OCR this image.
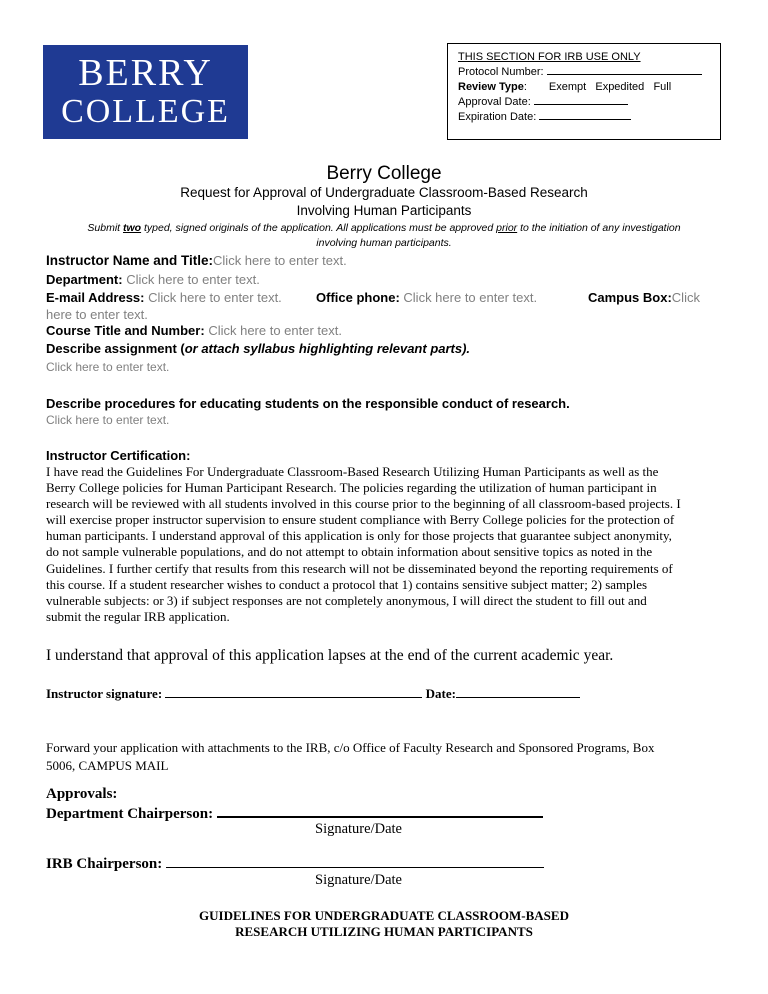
BERRY
COLLEGE
THIS SECTION FOR IRB USE ONLY
Protocol Number:
Review Type: Exempt   Expedited   Full
Approval Date:
Expiration Date:
Berry College
Request for Approval of Undergraduate Classroom-Based Research
Involving Human Participants
Submit two typed, signed originals of the application. All applications must be approved prior to the initiation of any investigation
involving human participants.
Instructor Name and Title:Click here to enter text.
Department: Click here to enter text.
E-mail Address: Click here to enter text.	Office phone: Click here to enter text.	Campus Box:Click
here to enter text.
Course Title and Number: Click here to enter text.
Describe assignment (or attach syllabus highlighting relevant parts).
Click here to enter text.
Describe procedures for educating students on the responsible conduct of research.
Click here to enter text.
Instructor Certification:
I have read the Guidelines For Undergraduate Classroom-Based Research Utilizing Human Participants as well as the
Berry College policies for Human Participant Research. The policies regarding the utilization of human participant in
research will be reviewed with all students involved in this course prior to the beginning of all classroom-based projects. I
will exercise proper instructor supervision to ensure student compliance with Berry College policies for the protection of
human participants. I understand approval of this application is only for those projects that guarantee subject anonymity,
do not sample vulnerable populations, and do not attempt to obtain information about sensitive topics as noted in the
Guidelines. I further certify that results from this research will not be disseminated beyond the reporting requirements of
this course. If a student researcher wishes to conduct a protocol that 1) contains sensitive subject matter; 2) samples
vulnerable subjects: or 3) if subject responses are not completely anonymous, I will direct the student to fill out and
submit the regular IRB application.
I understand that approval of this application lapses at the end of the current academic year.
Instructor signature:	Date:
Forward your application with attachments to the IRB, c/o Office of Faculty Research and Sponsored Programs, Box
5006, CAMPUS MAIL
Approvals:
Department Chairperson:
Signature/Date
IRB Chairperson:
Signature/Date
GUIDELINES FOR UNDERGRADUATE CLASSROOM-BASED
RESEARCH UTILIZING HUMAN PARTICIPANTS
